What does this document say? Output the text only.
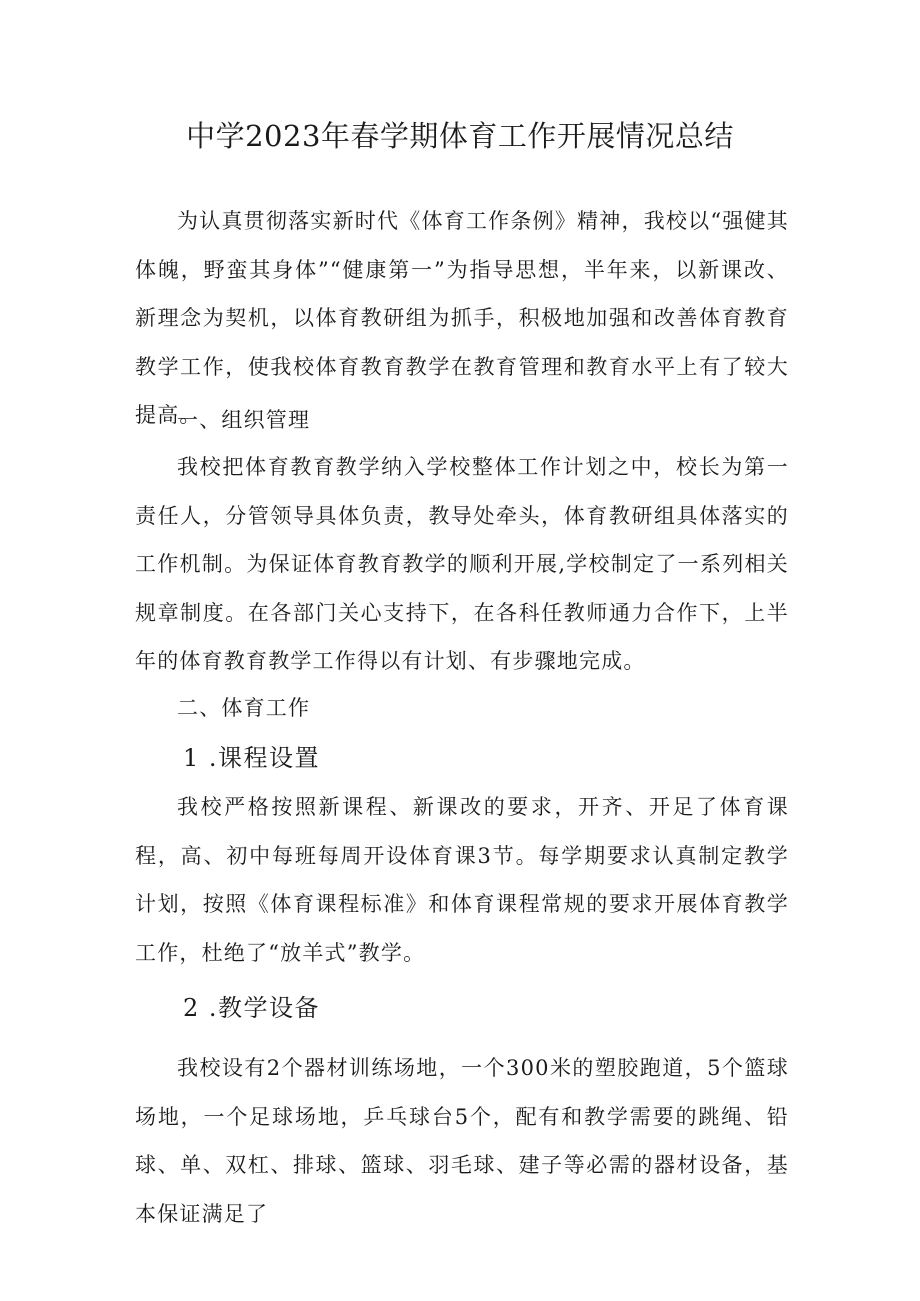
中学2023年春学期体育工作开展情况总结

为认真贯彻落实新时代《体育工作条例》精神，我校以“强健其体魄，野蛮其身体”“健康第一”为指导思想，半年来，以新课改、新理念为契机，以体育教研组为抓手，积极地加强和改善体育教育教学工作，使我校体育教育教学在教育管理和教育水平上有了较大提高。

一、组织管理

我校把体育教育教学纳入学校整体工作计划之中，校长为第一责任人，分管领导具体负责，教导处牵头，体育教研组具体落实的工作机制。为保证体育教育教学的顺利开展,学校制定了一系列相关规章制度。在各部门关心支持下，在各科任教师通力合作下，上半年的体育教育教学工作得以有计划、有步骤地完成。

二、体育工作

1 .课程设置

我校严格按照新课程、新课改的要求，开齐、开足了体育课程，高、初中每班每周开设体育课3节。每学期要求认真制定教学计划，按照《体育课程标准》和体育课程常规的要求开展体育教学工作，杜绝了“放羊式”教学。

2 .教学设备

我校设有2个器材训练场地，一个300米的塑胶跑道，5个篮球场地，一个足球场地，乒乓球台5个，配有和教学需要的跳绳、铅球、单、双杠、排球、篮球、羽毛球、建子等必需的器材设备，基本保证满足了
